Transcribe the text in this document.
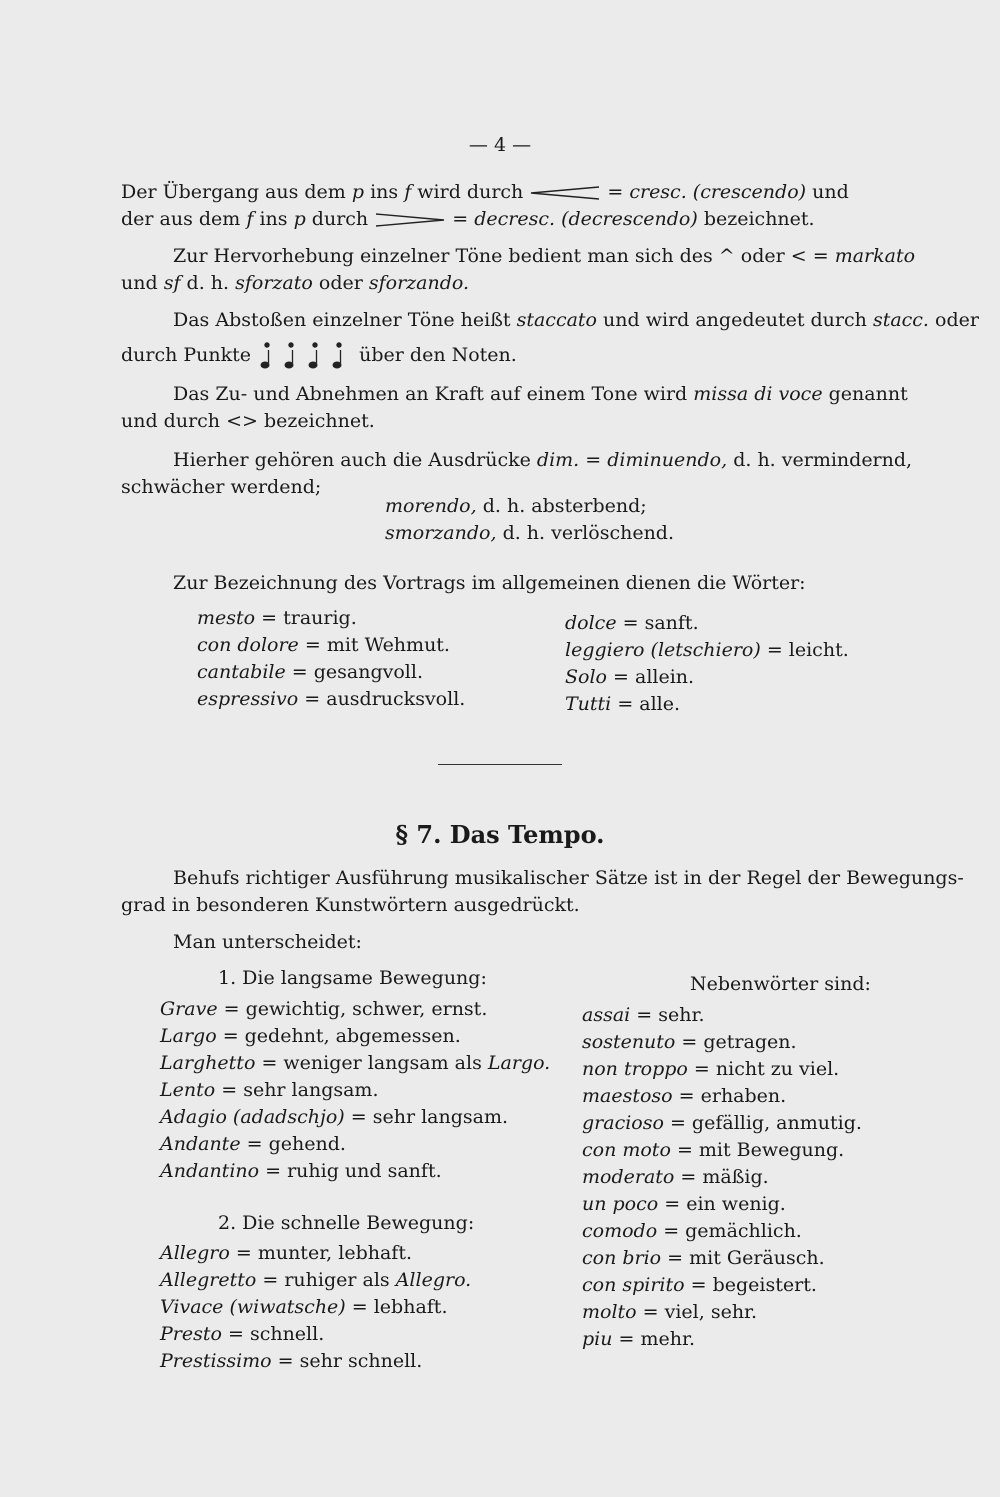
— 4 —
Der Übergang aus dem p ins f wird durch	= cresc. (crescendo) und
der aus dem f ins p durch	= decresc. (decrescendo) bezeichnet.
Zur Hervorhebung einzelner Töne bedient man sich des ^ oder < = markato
und sf d. h. sforzato oder sforzando.
Das Abstoßen einzelner Töne heißt staccato und wird angedeutet durch stacc. oder
durch Punkte	über den Noten.
Das Zu- und Abnehmen an Kraft auf einem Tone wird missa di voce genannt
und durch <> bezeichnet.
Hierher gehören auch die Ausdrücke dim. = diminuendo, d. h. vermindernd,
schwächer werdend;
morendo, d. h. absterbend;
smorzando, d. h. verlöschend.
Zur Bezeichnung des Vortrags im allgemeinen dienen die Wörter:
mesto = traurig.
con dolore = mit Wehmut.
cantabile = gesangvoll.
espressivo = ausdrucksvoll.
dolce = sanft.
leggiero (letschiero) = leicht.
Solo = allein.
Tutti = alle.
§ 7. Das Tempo.
Behufs richtiger Ausführung musikalischer Sätze ist in der Regel der Bewegungs-
grad in besonderen Kunstwörtern ausgedrückt.
Man unterscheidet:
1. Die langsame Bewegung:	Nebenwörter sind:
Grave = gewichtig, schwer, ernst.
Largo = gedehnt, abgemessen.
Larghetto = weniger langsam als Largo.
Lento = sehr langsam.
Adagio (adadschjo) = sehr langsam.
Andante = gehend.
Andantino = ruhig und sanft.
2. Die schnelle Bewegung:
Allegro = munter, lebhaft.
Allegretto = ruhiger als Allegro.
Vivace (wiwatsche) = lebhaft.
Presto = schnell.
Prestissimo = sehr schnell.
assai = sehr.
sostenuto = getragen.
non troppo = nicht zu viel.
maestoso = erhaben.
gracioso = gefällig, anmutig.
con moto = mit Bewegung.
moderato = mäßig.
un poco = ein wenig.
comodo = gemächlich.
con brio = mit Geräusch.
con spirito = begeistert.
molto = viel, sehr.
piu = mehr.
